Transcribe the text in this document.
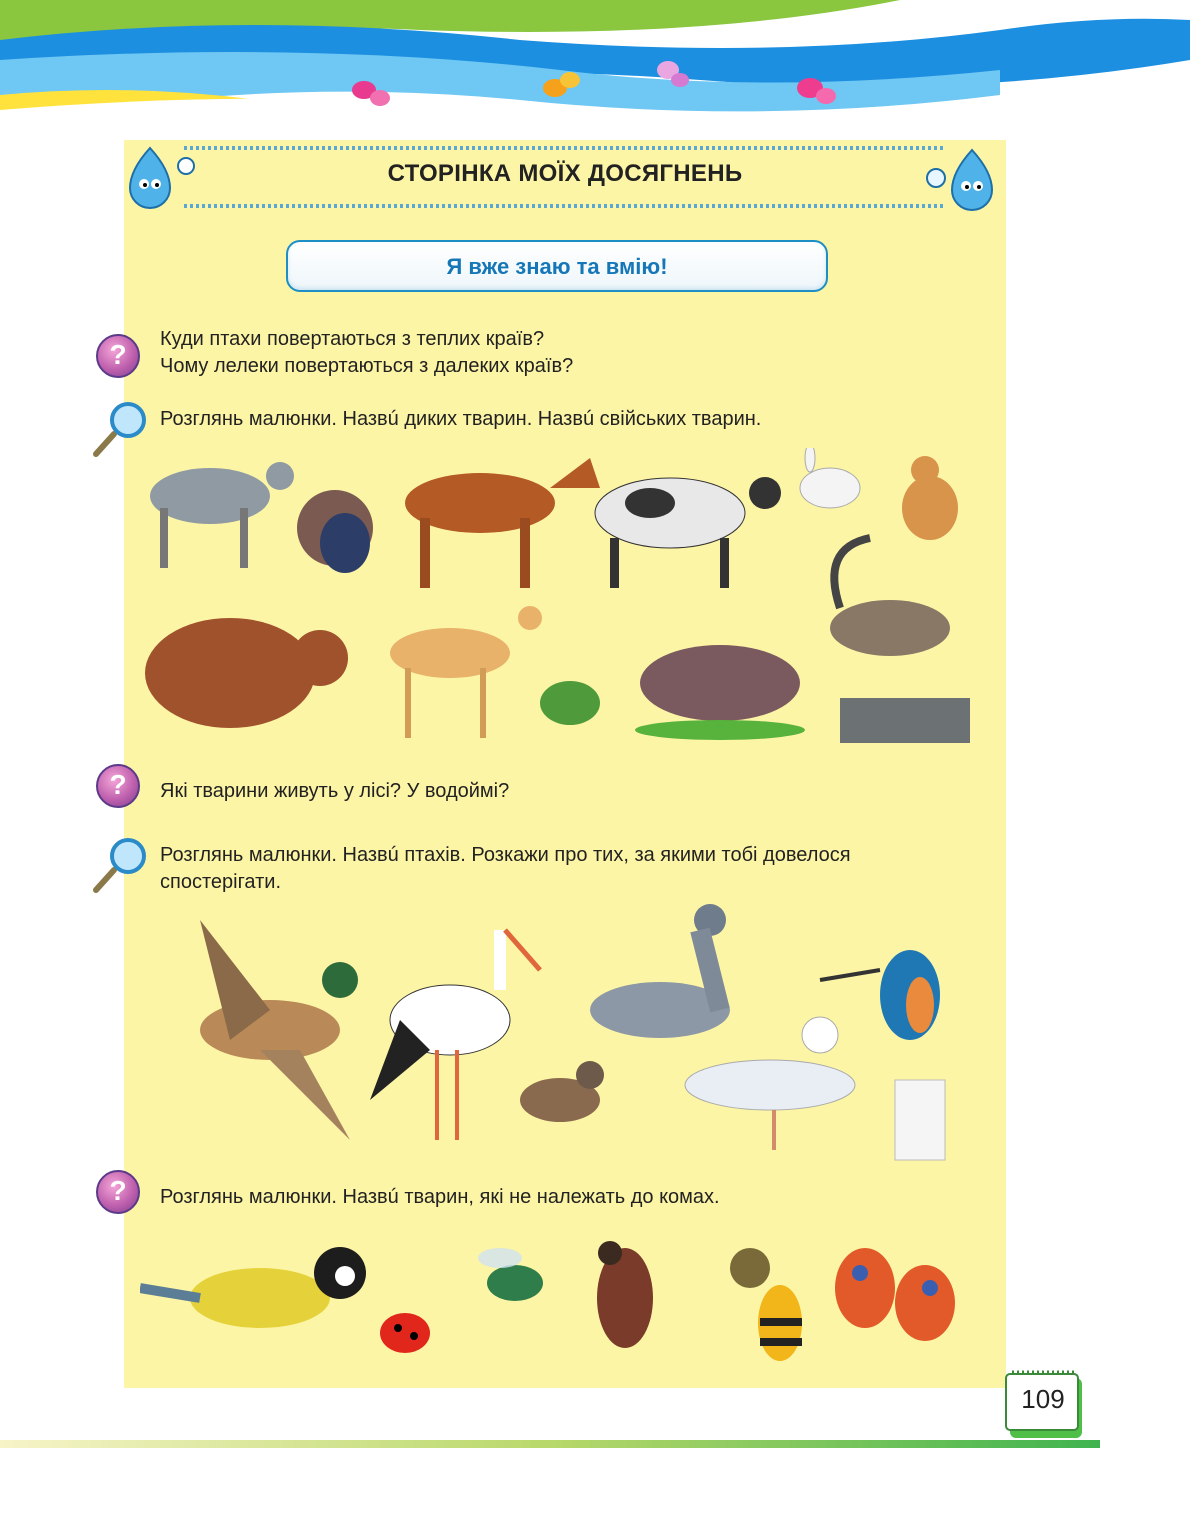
СТОРІНКА МОЇХ ДОСЯГНЕНЬ
Я вже знаю та вмію!
?	Куди птахи повертаються з теплих країв?
Чому лелеки повертаються з далеких країв?
Розглянь малюнки. Назвú диких тварин. Назвú свійських тварин.
?	Які тварини живуть у лісі? У водоймі?
Розглянь малюнки. Назвú птахів. Розкажи про тих, за якими тобі довелося
спостерігати.
?	Розглянь малюнки. Назвú тварин, які не належать до комах.
109
